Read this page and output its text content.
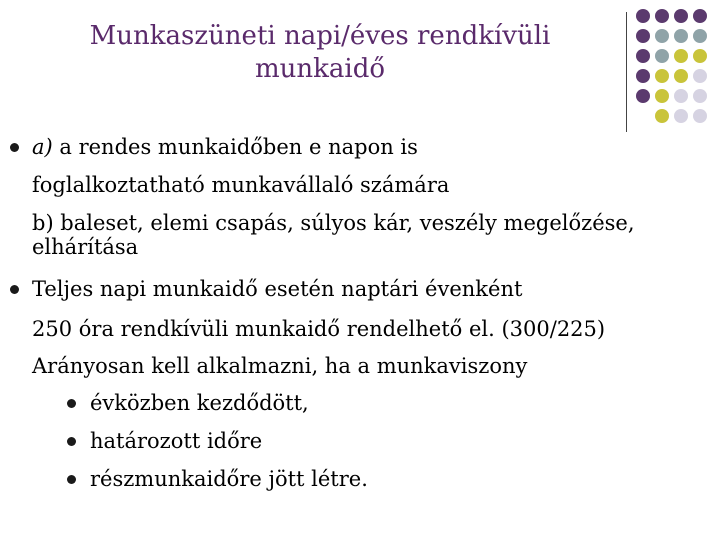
Munkaszüneti napi/éves rendkívüli
munkaidő
a) a rendes munkaidőben e napon is
foglalkoztatható munkavállaló számára
b) baleset, elemi csapás, súlyos kár, veszély megelőzése,
elhárítása
Teljes napi munkaidő esetén naptári évenként
250 óra rendkívüli munkaidő rendelhető el. (300/225)
Arányosan kell alkalmazni, ha a munkaviszony
évközben kezdődött,
határozott időre
részmunkaidőre jött létre.
